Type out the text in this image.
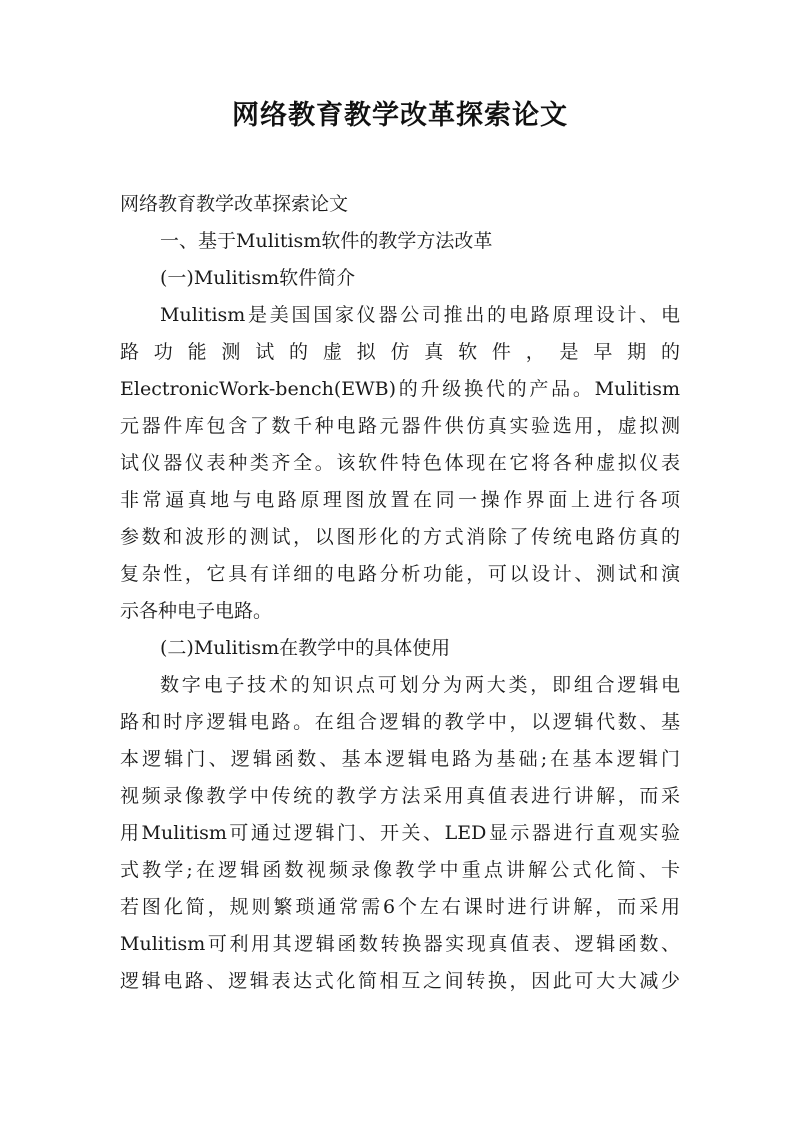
网络教育教学改革探索论文
网络教育教学改革探索论文
一、基于Mulitism软件的教学方法改革
(一)Mulitism软件简介
Mulitism是美国国家仪器公司推出的电路原理设计、电
路功能测试的虚拟仿真软件，是早期的
ElectronicWork-bench(EWB)的升级换代的产品。Mulitism
元器件库包含了数千种电路元器件供仿真实验选用，虚拟测
试仪器仪表种类齐全。该软件特色体现在它将各种虚拟仪表
非常逼真地与电路原理图放置在同一操作界面上进行各项
参数和波形的测试，以图形化的方式消除了传统电路仿真的
复杂性，它具有详细的电路分析功能，可以设计、测试和演
示各种电子电路。
(二)Mulitism在教学中的具体使用
数字电子技术的知识点可划分为两大类，即组合逻辑电
路和时序逻辑电路。在组合逻辑的教学中，以逻辑代数、基
本逻辑门、逻辑函数、基本逻辑电路为基础;在基本逻辑门
视频录像教学中传统的教学方法采用真值表进行讲解，而采
用Mulitism可通过逻辑门、开关、LED显示器进行直观实验
式教学;在逻辑函数视频录像教学中重点讲解公式化简、卡
若图化简，规则繁琐通常需6个左右课时进行讲解，而采用
Mulitism可利用其逻辑函数转换器实现真值表、逻辑函数、
逻辑电路、逻辑表达式化简相互之间转换，因此可大大减少
